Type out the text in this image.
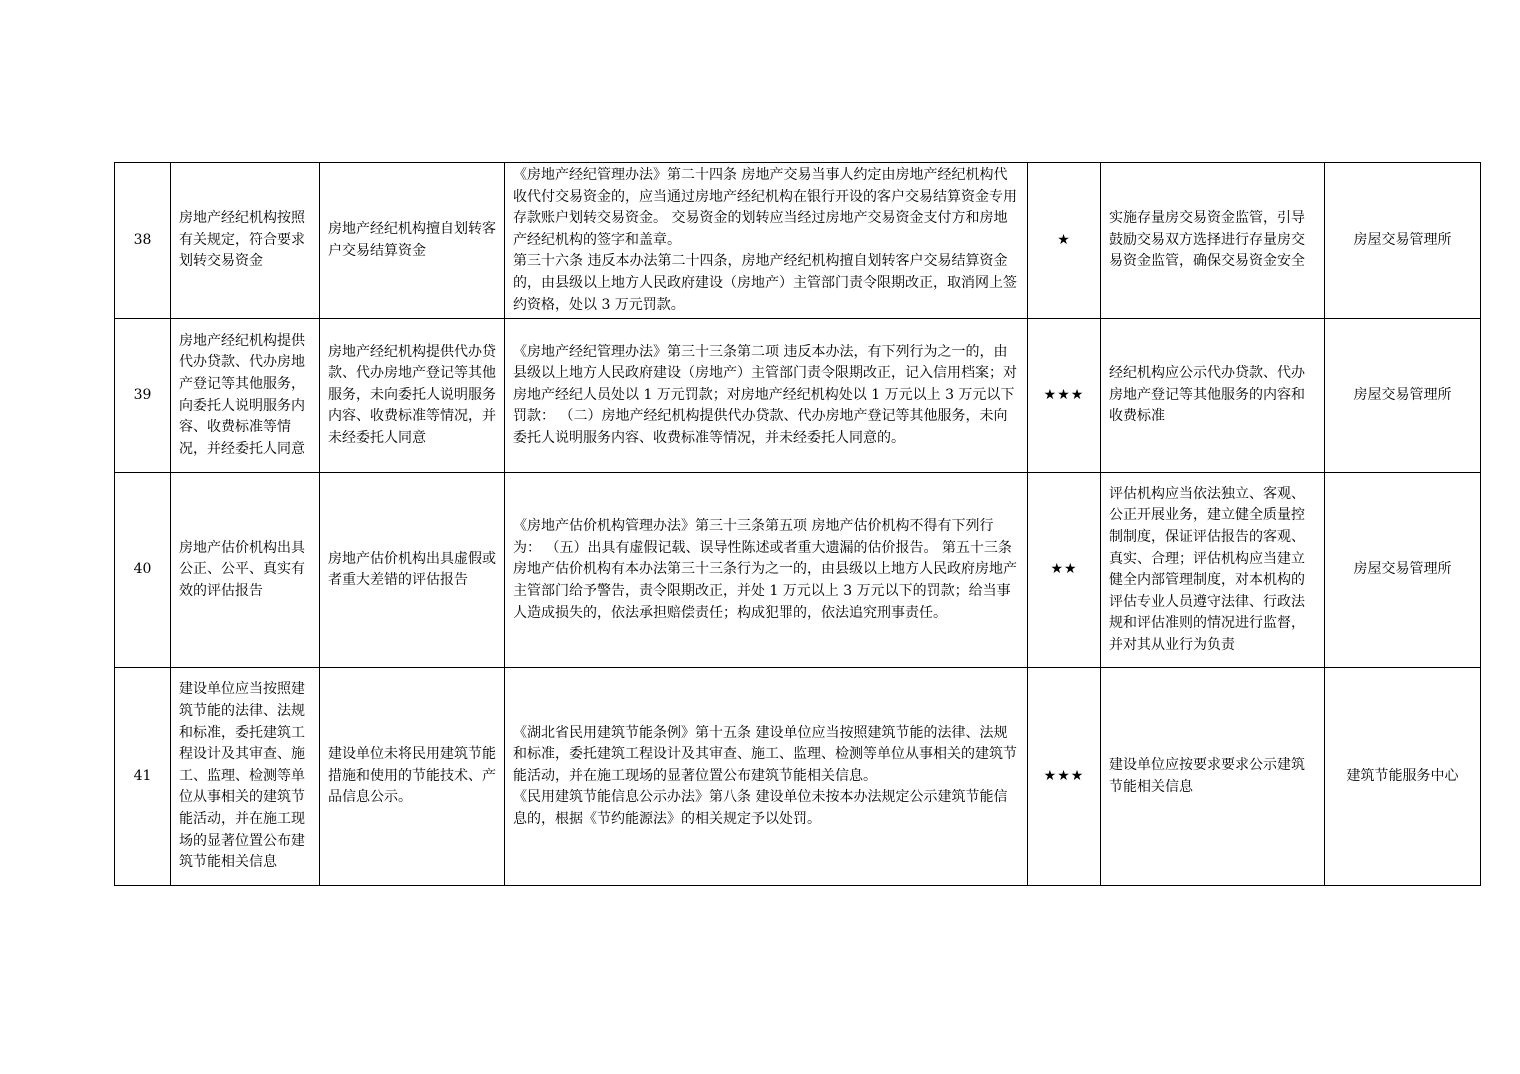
38	房地产经纪机构按照有关规定，符合要求划转交易资金	房地产经纪机构擅自划转客户交易结算资金	《房地产经纪管理办法》第二十四条 房地产交易当事人约定由房地产经纪机构代收代付交易资金的，应当通过房地产经纪机构在银行开设的客户交易结算资金专用存款账户划转交易资金。 交易资金的划转应当经过房地产交易资金支付方和房地产经纪机构的签字和盖章。
第三十六条 违反本办法第二十四条，房地产经纪机构擅自划转客户交易结算资金的，由县级以上地方人民政府建设（房地产）主管部门责令限期改正，取消网上签约资格，处以 3 万元罚款。	★	实施存量房交易资金监管，引导鼓励交易双方选择进行存量房交易资金监管，确保交易资金安全	房屋交易管理所
39	房地产经纪机构提供代办贷款、代办房地产登记等其他服务，向委托人说明服务内容、收费标准等情况，并经委托人同意	房地产经纪机构提供代办贷款、代办房地产登记等其他服务，未向委托人说明服务内容、收费标准等情况，并未经委托人同意	《房地产经纪管理办法》第三十三条第二项 违反本办法，有下列行为之一的，由县级以上地方人民政府建设（房地产）主管部门责令限期改正，记入信用档案；对房地产经纪人员处以 1 万元罚款；对房地产经纪机构处以 1 万元以上 3 万元以下罚款： （二）房地产经纪机构提供代办贷款、代办房地产登记等其他服务，未向委托人说明服务内容、收费标准等情况，并未经委托人同意的。	★★★	经纪机构应公示代办贷款、代办房地产登记等其他服务的内容和收费标准	房屋交易管理所
40	房地产估价机构出具公正、公平、真实有效的评估报告	房地产估价机构出具虚假或者重大差错的评估报告	《房地产估价机构管理办法》第三十三条第五项 房地产估价机构不得有下列行为： （五）出具有虚假记载、误导性陈述或者重大遗漏的估价报告。 第五十三条 房地产估价机构有本办法第三十三条行为之一的，由县级以上地方人民政府房地产主管部门给予警告，责令限期改正，并处 1 万元以上 3 万元以下的罚款；给当事人造成损失的，依法承担赔偿责任；构成犯罪的，依法追究刑事责任。	★★	评估机构应当依法独立、客观、公正开展业务，建立健全质量控制制度，保证评估报告的客观、真实、合理；评估机构应当建立健全内部管理制度，对本机构的评估专业人员遵守法律、行政法规和评估准则的情况进行监督，并对其从业行为负责	房屋交易管理所
41	建设单位应当按照建筑节能的法律、法规和标准，委托建筑工程设计及其审查、施工、监理、检测等单位从事相关的建筑节能活动，并在施工现场的显著位置公布建筑节能相关信息	建设单位未将民用建筑节能措施和使用的节能技术、产品信息公示。	《湖北省民用建筑节能条例》第十五条 建设单位应当按照建筑节能的法律、法规和标准，委托建筑工程设计及其审查、施工、监理、检测等单位从事相关的建筑节能活动，并在施工现场的显著位置公布建筑节能相关信息。
《民用建筑节能信息公示办法》第八条 建设单位未按本办法规定公示建筑节能信息的，根据《节约能源法》的相关规定予以处罚。	★★★	建设单位应按要求要求公示建筑节能相关信息	建筑节能服务中心
